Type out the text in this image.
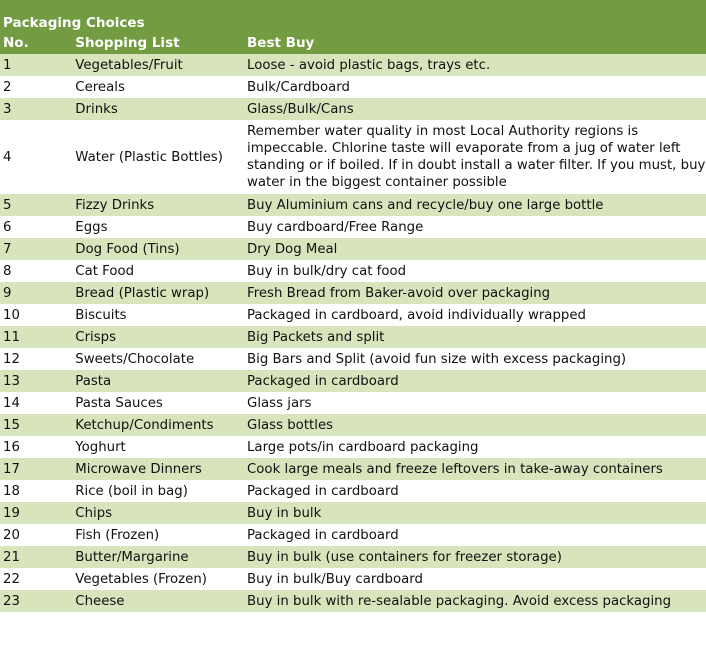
Packaging Choices		
No.	Shopping List	Best Buy
1	Vegetables/Fruit	Loose - avoid plastic bags, trays etc.
2	Cereals	Bulk/Cardboard
3	Drinks	Glass/Bulk/Cans
4	Water (Plastic Bottles)	Remember water quality in most Local Authority regions is impeccable. Chlorine taste will evaporate from a jug of water left standing or if boiled. If in doubt install a water filter. If you must, buy water in the biggest container possible
5	Fizzy Drinks	Buy Aluminium cans and recycle/buy one large bottle
6	Eggs	Buy cardboard/Free Range
7	Dog Food (Tins)	Dry Dog Meal
8	Cat Food	Buy in bulk/dry cat food
9	Bread (Plastic wrap)	Fresh Bread from Baker-avoid over packaging
10	Biscuits	Packaged in cardboard, avoid individually wrapped
11	Crisps	Big Packets and split
12	Sweets/Chocolate	Big Bars and Split (avoid fun size with excess packaging)
13	Pasta	Packaged in cardboard
14	Pasta Sauces	Glass jars
15	Ketchup/Condiments	Glass bottles
16	Yoghurt	Large pots/in cardboard packaging
17	Microwave Dinners	Cook large meals and freeze leftovers in take-away containers
18	Rice (boil in bag)	Packaged in cardboard
19	Chips	Buy in bulk
20	Fish (Frozen)	Packaged in cardboard
21	Butter/Margarine	Buy in bulk (use containers for freezer storage)
22	Vegetables (Frozen)	Buy in bulk/Buy cardboard
23	Cheese	Buy in bulk with re-sealable packaging. Avoid excess packaging
